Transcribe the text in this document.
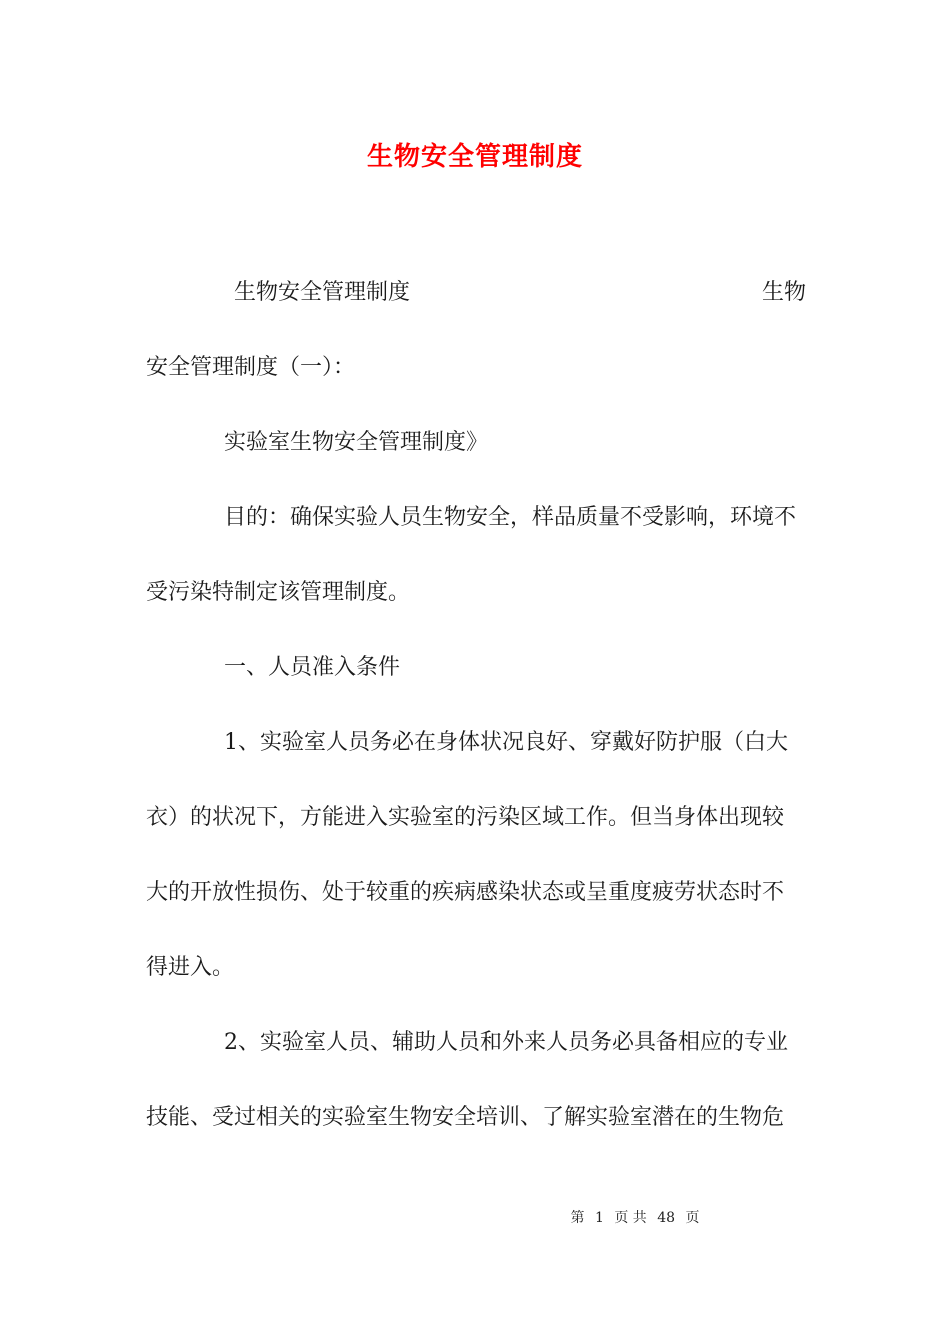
生物安全管理制度
生物安全管理制度	生物
安全管理制度（一）：
实验室生物安全管理制度》
目的：确保实验人员生物安全，样品质量不受影响，环境不
受污染特制定该管理制度。
一、人员准入条件
1、实验室人员务必在身体状况良好、穿戴好防护服（白大
衣）的状况下，方能进入实验室的污染区域工作。但当身体出现较
大的开放性损伤、处于较重的疾病感染状态或呈重度疲劳状态时不
得进入。
2、实验室人员、辅助人员和外来人员务必具备相应的专业
技能、受过相关的实验室生物安全培训、了解实验室潜在的生物危
第 1 页 共 48 页
